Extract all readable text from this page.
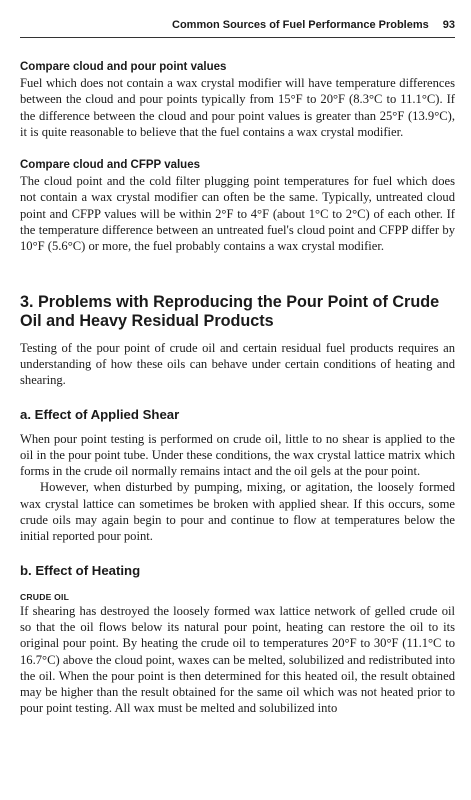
Common Sources of Fuel Performance Problems 93
Compare cloud and pour point values

Fuel which does not contain a wax crystal modifier will have temperature differences between the cloud and pour points typically from 15°F to 20°F (8.3°C to 11.1°C). If the difference between the cloud and pour point values is greater than 25°F (13.9°C), it is quite reasonable to believe that the fuel contains a wax crystal modifier.

Compare cloud and CFPP values

The cloud point and the cold filter plugging point temperatures for fuel which does not contain a wax crystal modifier can often be the same. Typically, untreated cloud point and CFPP values will be within 2°F to 4°F (about 1°C to 2°C) of each other. If the temperature difference between an untreated fuel's cloud point and CFPP differ by 10°F (5.6°C) or more, the fuel probably contains a wax crystal modifier.

3. Problems with Reproducing the Pour Point of Crude Oil and Heavy Residual Products

Testing of the pour point of crude oil and certain residual fuel products requires an understanding of how these oils can behave under certain conditions of heating and shearing.

a. Effect of Applied Shear

When pour point testing is performed on crude oil, little to no shear is applied to the oil in the pour point tube. Under these conditions, the wax crystal lattice matrix which forms in the crude oil normally remains intact and the oil gels at the pour point.

However, when disturbed by pumping, mixing, or agitation, the loosely formed wax crystal lattice can sometimes be broken with applied shear. If this occurs, some crude oils may again begin to pour and continue to flow at temperatures below the initial reported pour point.

b. Effect of Heating
CRUDE OIL

If shearing has destroyed the loosely formed wax lattice network of gelled crude oil so that the oil flows below its natural pour point, heating can restore the oil to its original pour point. By heating the crude oil to temperatures 20°F to 30°F (11.1°C to 16.7°C) above the cloud point, waxes can be melted, solubilized and redistributed into the oil. When the pour point is then determined for this heated oil, the result obtained may be higher than the result obtained for the same oil which was not heated prior to pour point testing. All wax must be melted and solubilized into
